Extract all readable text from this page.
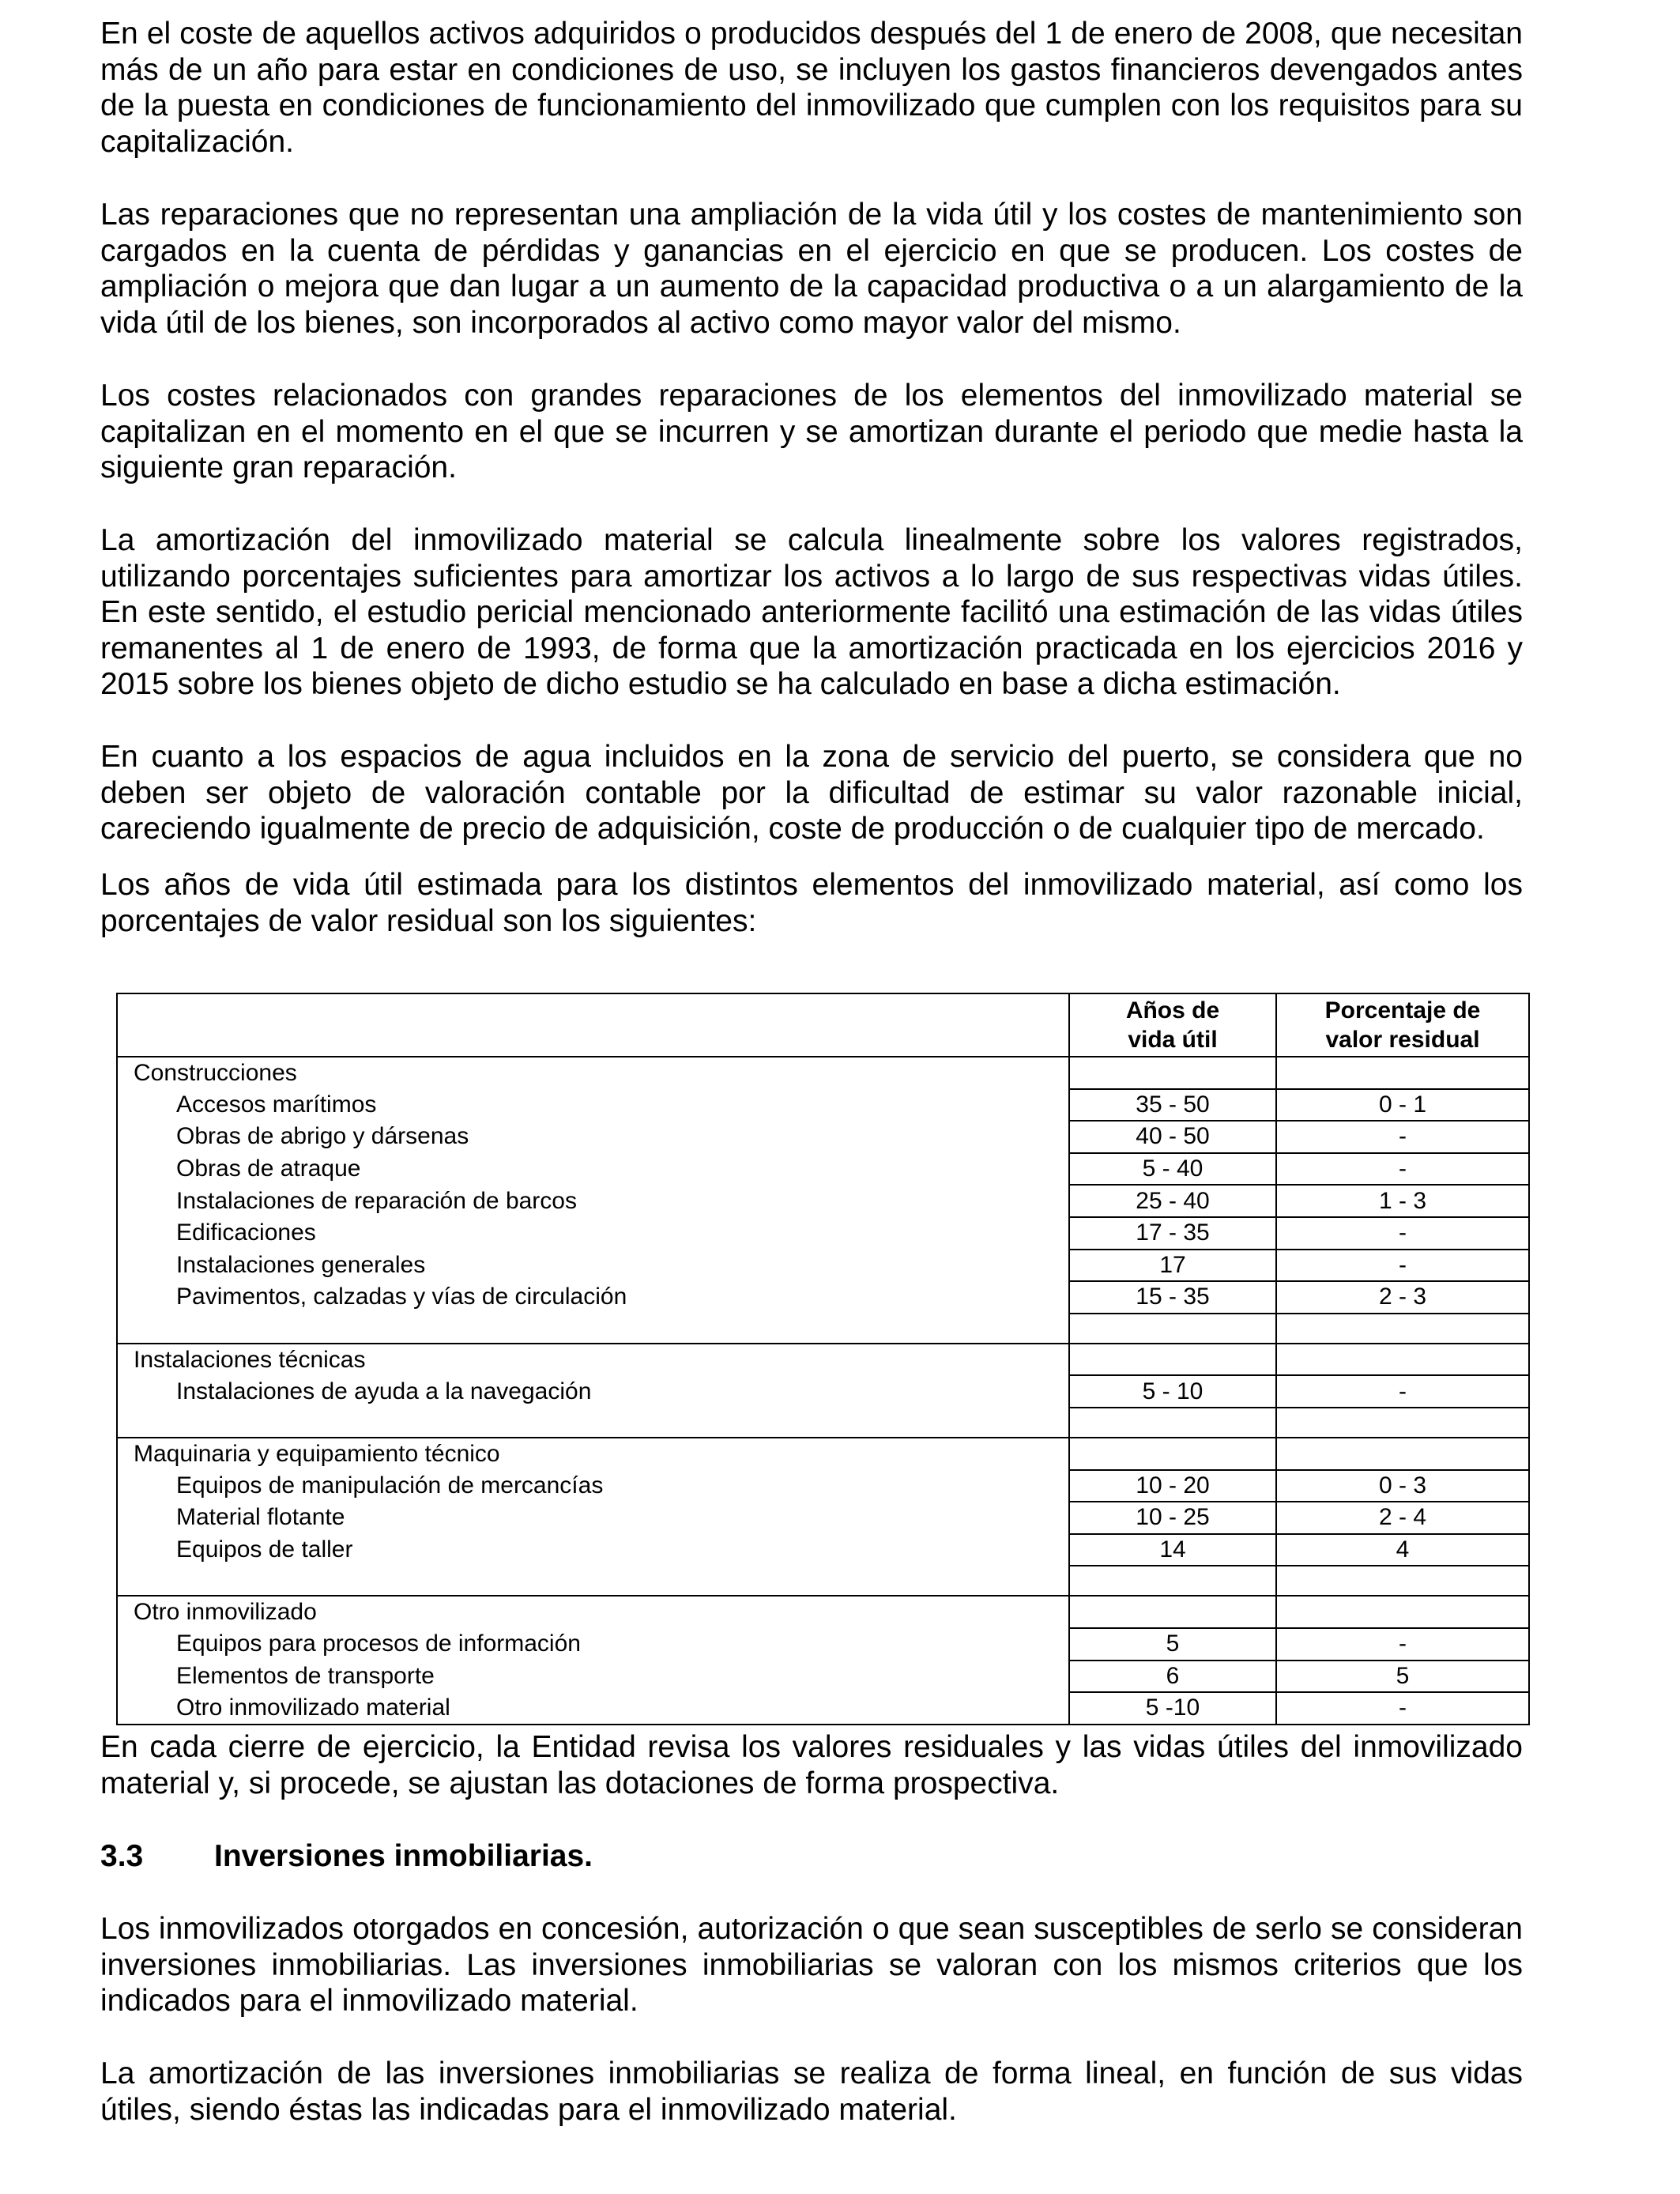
En el coste de aquellos activos adquiridos o producidos después del 1 de enero de 2008, que necesitan más de un año para estar en condiciones de uso, se incluyen los gastos financieros devengados antes de la puesta en condiciones de funcionamiento del inmovilizado que cumplen con los requisitos para su capitalización.

Las reparaciones que no representan una ampliación de la vida útil y los costes de mantenimiento son cargados en la cuenta de pérdidas y ganancias en el ejercicio en que se producen. Los costes de ampliación o mejora que dan lugar a un aumento de la capacidad productiva o a un alargamiento de la vida útil de los bienes, son incorporados al activo como mayor valor del mismo.

Los costes relacionados con grandes reparaciones de los elementos del inmovilizado material se capitalizan en el momento en el que se incurren y se amortizan durante el periodo que medie hasta la siguiente gran reparación.

La amortización del inmovilizado material se calcula linealmente sobre los valores registrados, utilizando porcentajes suficientes para amortizar los activos a lo largo de sus respectivas vidas útiles. En este sentido, el estudio pericial mencionado anteriormente facilitó una estimación de las vidas útiles remanentes al 1 de enero de 1993, de forma que la amortización practicada en los ejercicios 2016 y 2015 sobre los bienes objeto de dicho estudio se ha calculado en base a dicha estimación.

En cuanto a los espacios de agua incluidos en la zona de servicio del puerto, se considera que no deben ser objeto de valoración contable por la dificultad de estimar su valor razonable inicial, careciendo igualmente de precio de adquisición, coste de producción o de cualquier tipo de mercado.

Los años de vida útil estimada para los distintos elementos del inmovilizado material, así como los porcentajes de valor residual son los siguientes:

	Años de
vida útil	Porcentaje de
valor residual
Construcciones		
Accesos marítimos	35 - 50	0 - 1
Obras de abrigo y dársenas	40 - 50	-
Obras de atraque	5 - 40	-
Instalaciones de reparación de barcos	25 - 40	1 - 3
Edificaciones	17 - 35	-
Instalaciones generales	17	-
Pavimentos, calzadas y vías de circulación	15 - 35	2 - 3

Instalaciones técnicas		
Instalaciones de ayuda a la navegación	5 - 10	-

Maquinaria y equipamiento técnico		
Equipos de manipulación de mercancías	10 - 20	0 - 3
Material flotante	10 - 25	2 - 4
Equipos de taller	14	4

Otro inmovilizado		
Equipos para procesos de información	5	-
Elementos de transporte	6	5
Otro inmovilizado material	5 -10	-

En cada cierre de ejercicio, la Entidad revisa los valores residuales y las vidas útiles del inmovilizado material y, si procede, se ajustan las dotaciones de forma prospectiva.

3.3 Inversiones inmobiliarias.

Los inmovilizados otorgados en concesión, autorización o que sean susceptibles de serlo se consideran inversiones inmobiliarias. Las inversiones inmobiliarias se valoran con los mismos criterios que los indicados para el inmovilizado material.

La amortización de las inversiones inmobiliarias se realiza de forma lineal, en función de sus vidas útiles, siendo éstas las indicadas para el inmovilizado material.
